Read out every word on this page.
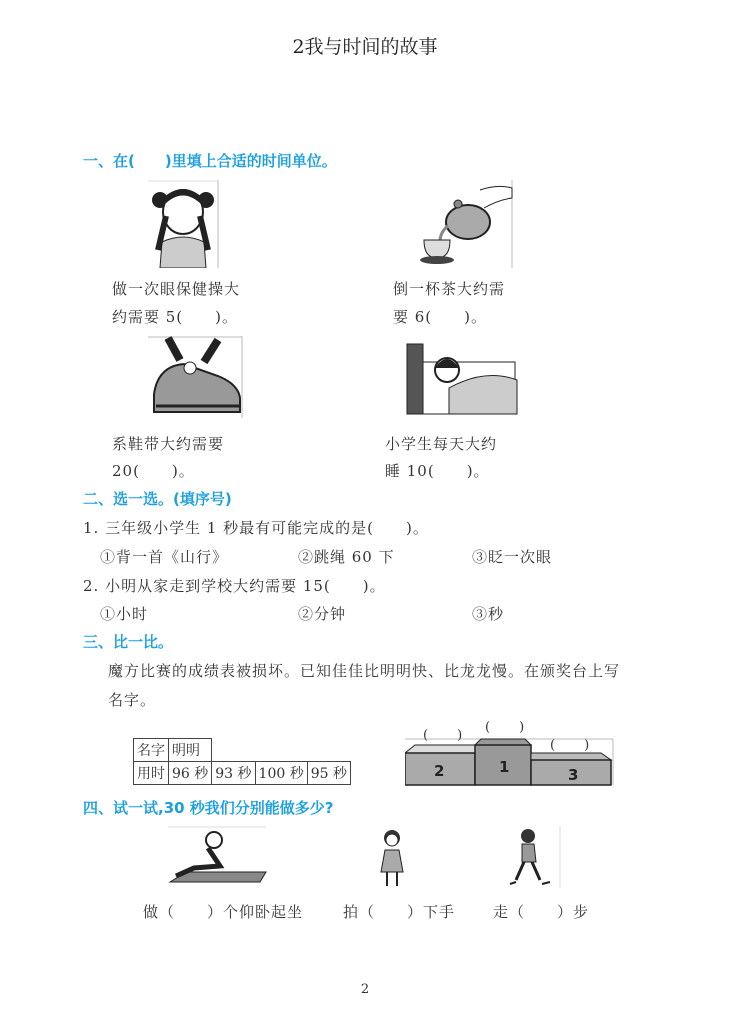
2我与时间的故事
一、在(　　)里填上合适的时间单位。
做一次眼保健操大
约需要 5(　　)。
倒一杯茶大约需
要 6(　　)。
系鞋带大约需要
20(　　)。
小学生每天大约
睡 10(　　)。
二、选一选。(填序号)
1. 三年级小学生 1 秒最有可能完成的是(　　)。
①背一首《山行》	②跳绳 60 下	③眨一次眼
2. 小明从家走到学校大约需要 15(　　)。
①小时	②分钟	③秒
三、比一比。
魔方比赛的成绩表被损坏。已知佳佳比明明快、比龙龙慢。在颁奖台上写
名字。
名字	明明			
用时	96 秒	93 秒	100 秒	95 秒
(　　)
(　　)
(　　)
2	1	3
四、试一试,30 秒我们分别能做多少?
做（　　）个仰卧起坐	拍（　　）下手	走（　　）步
2
